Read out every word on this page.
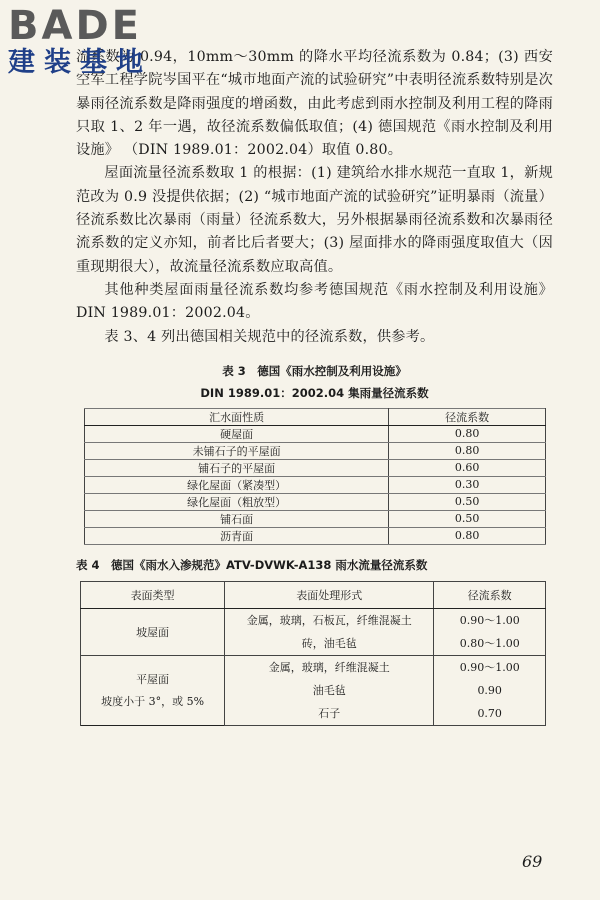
BADE
建装基地

流系数为 0.94，10mm～30mm 的降水平均径流系数为 0.84；(3) 西安空军工程学院岑国平在“城市地面产流的试验研究”中表明径流系数特别是次暴雨径流系数是降雨强度的增函数，由此考虑到雨水控制及利用工程的降雨只取 1、2 年一遇，故径流系数偏低取值；(4) 德国规范《雨水控制及利用设施》 （DIN 1989.01：2002.04）取值 0.80。

屋面流量径流系数取 1 的根据：(1) 建筑给水排水规范一直取 1，新规范改为 0.9 没提供依据；(2) “城市地面产流的试验研究”证明暴雨（流量）径流系数比次暴雨（雨量）径流系数大，另外根据暴雨径流系数和次暴雨径流系数的定义亦知，前者比后者要大；(3) 屋面排水的降雨强度取值大（因重现期很大），故流量径流系数应取高值。

其他种类屋面雨量径流系数均参考德国规范《雨水控制及利用设施》DIN 1989.01：2002.04。

表 3、4 列出德国相关规范中的径流系数，供参考。

表 3　德国《雨水控制及利用设施》

DIN 1989.01：2002.04 集雨量径流系数

汇水面性质	径流系数
硬屋面	0.80
未铺石子的平屋面	0.80
铺石子的平屋面	0.60
绿化屋面（紧凑型）	0.30
绿化屋面（粗放型）	0.50
铺石面	0.50
沥青面	0.80

表 4　德国《雨水入渗规范》ATV-DVWK-A138 雨水流量径流系数

表面类型	表面处理形式	径流系数
坡屋面	金属，玻璃，石板瓦，纤维混凝土	0.90～1.00
	砖，油毛毡	0.80～1.00

平屋面
坡度小于 3°，或 5%	金属，玻璃，纤维混凝土	0.90～1.00
	油毛毡	0.90
	石子	0.70
69
